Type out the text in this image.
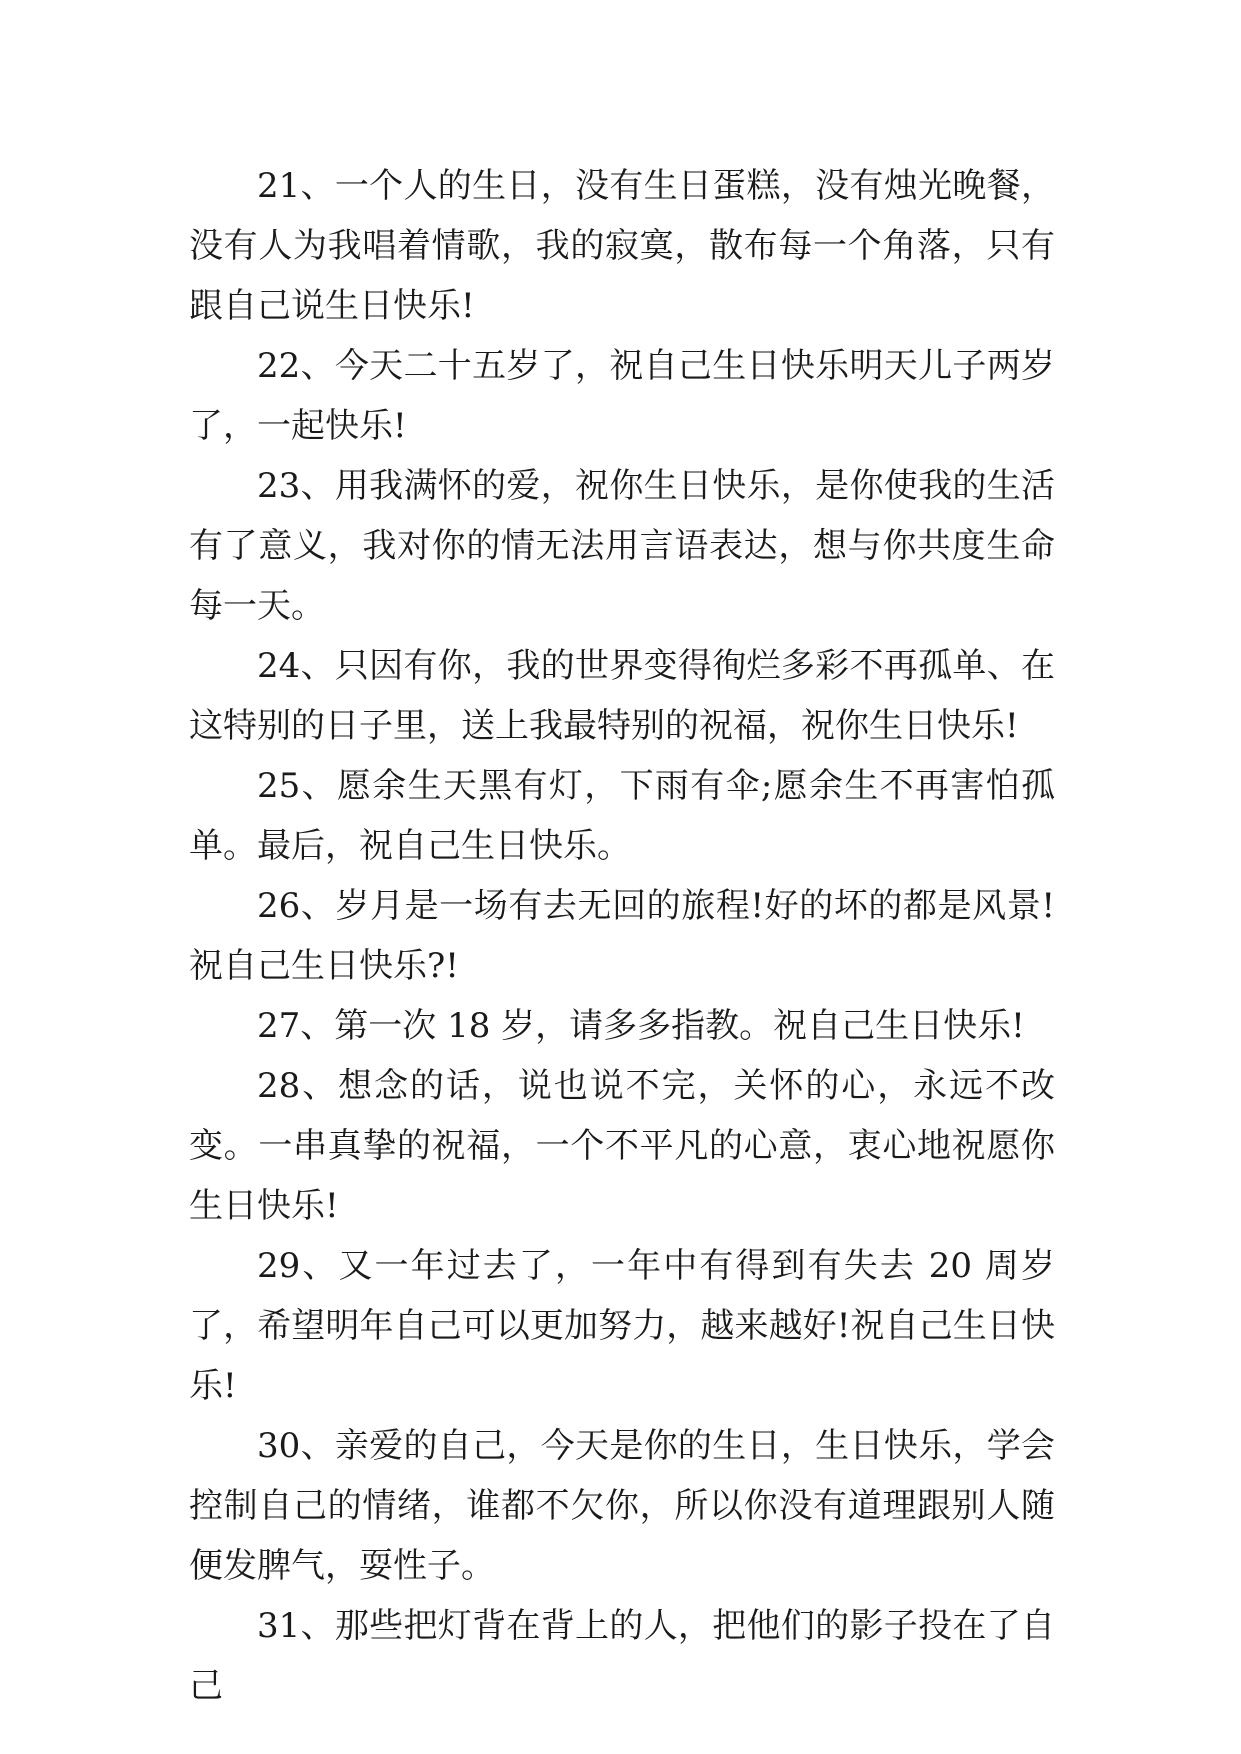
21、一个人的生日，没有生日蛋糕，没有烛光晚餐，没有人为我唱着情歌，我的寂寞，散布每一个角落，只有跟自己说生日快乐!

22、今天二十五岁了，祝自己生日快乐明天儿子两岁了，一起快乐!

23、用我满怀的爱，祝你生日快乐，是你使我的生活有了意义，我对你的情无法用言语表达，想与你共度生命每一天。

24、只因有你，我的世界变得徇烂多彩不再孤单、在这特别的日子里，送上我最特别的祝福，祝你生日快乐!

25、愿余生天黑有灯，下雨有伞;愿余生不再害怕孤单。最后，祝自己生日快乐。

26、岁月是一场有去无回的旅程!好的坏的都是风景!祝自己生日快乐?!

27、第一次 18 岁，请多多指教。祝自己生日快乐!

28、想念的话，说也说不完，关怀的心，永远不改变。一串真挚的祝福，一个不平凡的心意，衷心地祝愿你生日快乐!

29、又一年过去了，一年中有得到有失去 20 周岁了，希望明年自己可以更加努力，越来越好!祝自己生日快乐!

30、亲爱的自己，今天是你的生日，生日快乐，学会控制自己的情绪，谁都不欠你，所以你没有道理跟别人随便发脾气，耍性子。

31、那些把灯背在背上的人，把他们的影子投在了自己
